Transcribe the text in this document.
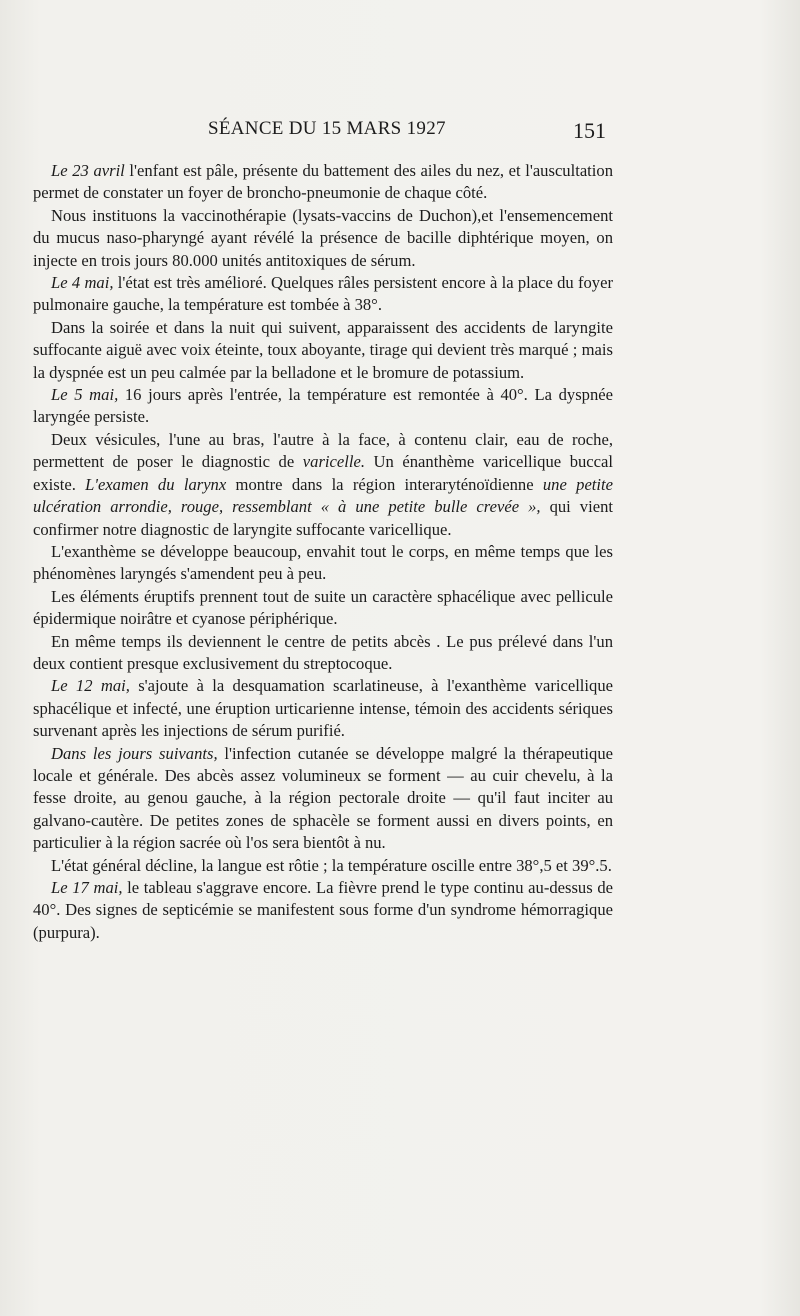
SÉANCE DU 15 MARS 1927	151

Le 23 avril l'enfant est pâle, présente du battement des ailes du nez, et l'auscultation permet de constater un foyer de broncho-pneumonie de chaque côté.

Nous instituons la vaccinothérapie (lysats-vaccins de Duchon),et l'ensemencement du mucus naso-pharyngé ayant révélé la présence de bacille diphtérique moyen, on injecte en trois jours 80.000 unités antitoxiques de sérum.

Le 4 mai, l'état est très amélioré. Quelques râles persistent encore à la place du foyer pulmonaire gauche, la température est tombée à 38°.

Dans la soirée et dans la nuit qui suivent, apparaissent des accidents de laryngite suffocante aiguë avec voix éteinte, toux aboyante, tirage qui devient très marqué ; mais la dyspnée est un peu calmée par la belladone et le bromure de potassium.

Le 5 mai, 16 jours après l'entrée, la température est remontée à 40°. La dyspnée laryngée persiste.

Deux vésicules, l'une au bras, l'autre à la face, à contenu clair, eau de roche, permettent de poser le diagnostic de varicelle. Un énanthème varicellique buccal existe. L'examen du larynx montre dans la région interaryténoïdienne une petite ulcération arrondie, rouge, ressemblant « à une petite bulle crevée », qui vient confirmer notre diagnostic de laryngite suffocante varicellique.

L'exanthème se développe beaucoup, envahit tout le corps, en même temps que les phénomènes laryngés s'amendent peu à peu.

Les éléments éruptifs prennent tout de suite un caractère sphacélique avec pellicule épidermique noirâtre et cyanose périphérique.

En même temps ils deviennent le centre de petits abcès . Le pus prélevé dans l'un deux contient presque exclusivement du streptocoque.

Le 12 mai, s'ajoute à la desquamation scarlatineuse, à l'exanthème varicellique sphacélique et infecté, une éruption urticarienne intense, témoin des accidents sériques survenant après les injections de sérum purifié.

Dans les jours suivants, l'infection cutanée se développe malgré la thérapeutique locale et générale. Des abcès assez volumineux se forment — au cuir chevelu, à la fesse droite, au genou gauche, à la région pectorale droite — qu'il faut inciter au galvano-cautère. De petites zones de sphacèle se forment aussi en divers points, en particulier à la région sacrée où l'os sera bientôt à nu.

L'état général décline, la langue est rôtie ; la température oscille entre 38°,5 et 39°.5.

Le 17 mai, le tableau s'aggrave encore. La fièvre prend le type continu au-dessus de 40°. Des signes de septicémie se manifestent sous forme d'un syndrome hémorragique (purpura).
